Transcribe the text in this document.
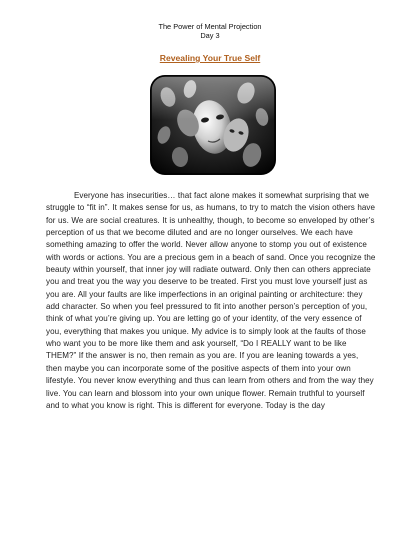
The Power of Mental Projection
Day 3
Revealing Your True Self
Everyone has insecurities… that fact alone makes it somewhat surprising that we struggle to “fit in”. It makes sense for us, as humans, to try to match the vision others have for us. We are social creatures. It is unhealthy, though, to become so enveloped by other’s perception of us that we become diluted and are no longer ourselves. We each have something amazing to offer the world. Never allow anyone to stomp you out of existence with words or actions. You are a precious gem in a beach of sand. Once you recognize the beauty within yourself, that inner joy will radiate outward. Only then can others appreciate you and treat you the way you deserve to be treated. First you must love yourself just as you are. All your faults are like imperfections in an original painting or architecture: they add character. So when you feel pressured to fit into another person’s perception of you, think of what you’re giving up. You are letting go of your identity, of the very essence of you, everything that makes you unique. My advice is to simply look at the faults of those who want you to be more like them and ask yourself, “Do I REALLY want to be like THEM?” If the answer is no, then remain as you are. If you are leaning towards a yes, then maybe you can incorporate some of the positive aspects of them into your own lifestyle. You never know everything and thus can learn from others and from the way they live. You can learn and blossom into your own unique flower. Remain truthful to yourself and to what you know is right. This is different for everyone. Today is the day
